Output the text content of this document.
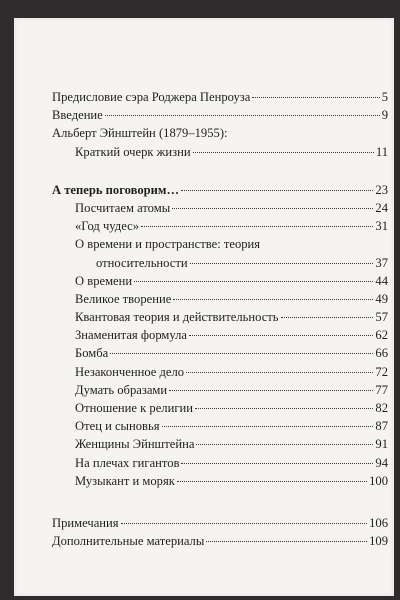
Предисловие сэра Роджера Пенроуза	5
Введение	9
Альберт Эйнштейн (1879–1955):
Краткий очерк жизни	11
А теперь поговорим…	23
Посчитаем атомы	24
«Год чудес»	31
О времени и пространстве: теория
относительности	37
О времени	44
Великое творение	49
Квантовая теория и действительность	57
Знаменитая формула	62
Бомба	66
Незаконченное дело	72
Думать образами	77
Отношение к религии	82
Отец и сыновья	87
Женщины Эйнштейна	91
На плечах гигантов	94
Музыкант и моряк	100
Примечания	106
Дополнительные материалы	109
